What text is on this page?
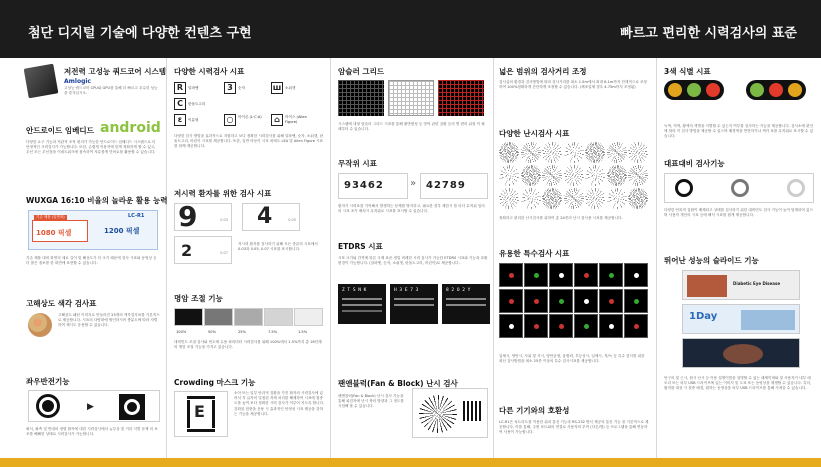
첨단 디지털 기술에 다양한 컨텐츠 구현	빠르고 편리한 시력검사의 표준
저전력 고성능 쿼드코어 시스템
Amlogic
고성능 쿼드코어 CPU와 GPU를 통해 더 빠르고 우수한 성능을 즐겨십시오.
안드로이드 임베디드 android
다양한 요구 기능과 직관적 조작 편리가 가능한 안드로이드 임베디드 시스템으로 더 안정적인 시력검사가 가능합니다. 또한, 손쉽게 이용자에 맞게 정확하게 할 수 있고, 우선 모는 우선점을 이네트워크에 접속하여 자유롭게 단어로를 활용할 수 있습니다.
WUXGA 16:10 비율의 놀라운 활용 능력
기존 제품 (일반표)
1080 픽셀
LC-R1
1200 픽셀
기존 제품 대비 화면의 세로 길이 및 해상도가 더 크기 때문에 검사 시표와 동영상 등 더 많은 정보를 한 화면에 표현할 수 있습니다.
고해상도 색각 검사표
고해상도 패턴 이미지로 만들어진 25개의 색각검사표를 기본적으로 제공합니다. 시표의 다양화에 할인하시어 충분도에 따라 자별하여 제시도 응용할 수 있습니다.
좌우반전기능
▶
좌식, 좌측 및 반대의 정렬 환자에 대한 시력검사에서 뉴부상 및 거리 식별 문제 의 보조를 해해한 상태로 시력검사가 가능합니다.
다양한 시력검사 시표
R	알파벳	3	숫자	ш	소쉬겟
C	란돌트고리
ε	이분형	○	아이콘 (L·C·A)	⌂	아이스 (Allen Figure)
다양한 검사 방법을 효과적으로 지원하고 보다 정확한 시력검사를 위해 알파벳, 숫자, 소쉬겟, 란돌트고리, 어린이 시표를 제공합니다. 또한, 일반 아동이 시표 외에도 LEA 및 Allen Figure 시표를 함께 제공합니다.
저시력 환자를 위한 검사 시표
9	0.03 4	0.05
2	0.07
저시력 환자를 검사하기 위해 모든 종류의 시표에서 0.03과 0.05, 0.07 시표를 표시합니다.
명암 조절 기능
100%	50%	25%	7.5%	1.5%
대비민도 조절 검사와 빈도에 수용 파라미터 시력검사를 위해 100%에서 1.5%까지 총 18단계의 명암 조절 기능을 가지고 있습니다.
Crowding 마스크 기능
E
소아 또는 일부 안과적 질환을 가진 환자의 시력검사에 있어서 각 글자의 밀집된 저세 처리를 해제하여 시표에 집중도를 높여 보다 정확한 시력 검사가 이루어 지도록 합니다. 강화된 집중을 응용 시 효과적인 안정성 시표 제공을 강하는 기능을 제공합니다.
암슬러 그리드
시스템에 대형 암슬러 그리드 시표를 통해 황반변성 등 망막 관련 질환 등의 병 변의 위험 이 될 때부터 수 있습니다.
무작위 시표
93462	» 42789
환자가 시력표를 기억해서 발생하는 문제를 방지하고, 필요한 경우 제한시 를 마다 무작위 임의의 시표 조가 배치시 무작위로 시표를 표시할 수 있습니다.
ETDRS 시표
시표 크기와 간격에 따른 국제 표준 정밀 비례한 시력 검사가 가능한 ETDRS 시표와 기능과 호환 변경이 가능합니다. (알파벳, 숫자, 소쉬겟, 란돌트고리, 어린이)로 제공합니다.
Z T S N K	H 3 E 7 3	8 2 O 2 Y
팬앤블럭(Fan & Block) 난시 검사
팬앤블럭(Fan & Block) 난시 검사 기능을 통해 피검자에 난시 축의 방향과 그 정도를 시험해 볼 수 있습니다.
넓은 범위의 검사거리 조정
검사실의 환경과 검사방법에 따라 검사거리를 최소 1.5m에서 최대 6.1m까지 단계적으로 조정하여 100%정확하게 간단하게 조정할 수 있습니다. (제조업체 경우 4.75m까지 조정됨)
다양한 난시검사 시표
정확하고 편리한 난시검사를 위하여 총 24종의 난시 검사용 시표를 제공합니다.
유용한 특수검사 시표
입체시, 양안시, 사위 및 사시, 양안균형, 융합력, 부등상시, 입체시, 적/녹 등 특수 검사를 위한 최신 검사방법을 최소 25종 이상의 특수 검사시표를 제공합니다.
다른 기기와의 호환성
LC-R1은 차트리트를 이용한 위치 통신 기능과 RS-232 방식 제공의 통신 기능 을 기본적으로 제공합니다. 이를 통해, 주변 포트와의 연결로 사용자의 부여 (다른/별) 등 프로그램을 통해 연동하여 사용이 가능합니다.
3색 식별 시표
녹색, 적색, 황색의 색별을 식별할 수 있는지 여부를 검사하는 기능을 제공합니다. 검사소에 편인에 따라 이 검사 방법을 제공할 수 있으며 배경색을 반전하거나 색각 표를 무작위로 표시할 수 있습니다.
대표대비 검사기능
다양한 안과적 질환이 배제되고 상태를 검사하기 위한 대비민도 검사 기능이 높이 탑재되어 있으며 사용자 개인의 시표 등에 해석 시표를 쉽게 제공합니다.
뛰어난 성능의 슬라이드 기능
Diabetic Eye Disease
1Day
안구의 및 근시, 원시 난시 등 이용 설명이법을 설명할 수 있는 매체이며와 및 사용자가 내부 메모리 또는 외부 USB 드라이브에 있는 이미지 및 도표 또는 동영상을 재생할 수 있습니다. 특히, 환자를 대상 시 집중 배경, 원하는 동영상을 외부 USB 드라이브를 통해 가져올 수 있습니다.
